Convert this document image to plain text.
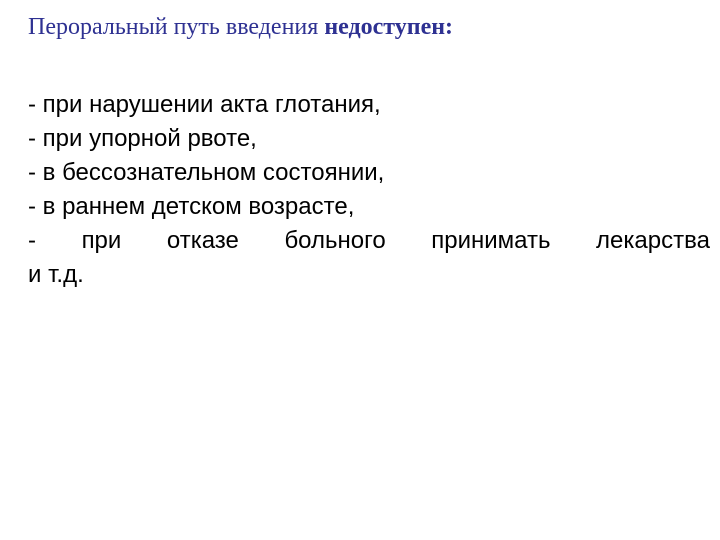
Пероральный путь введения недоступен:
- при нарушении акта глотания,
- при упорной рвоте,
- в бессознательном состоянии,
- в раннем детском возрасте,
- при отказе больного принимать лекарства
и т.д.
